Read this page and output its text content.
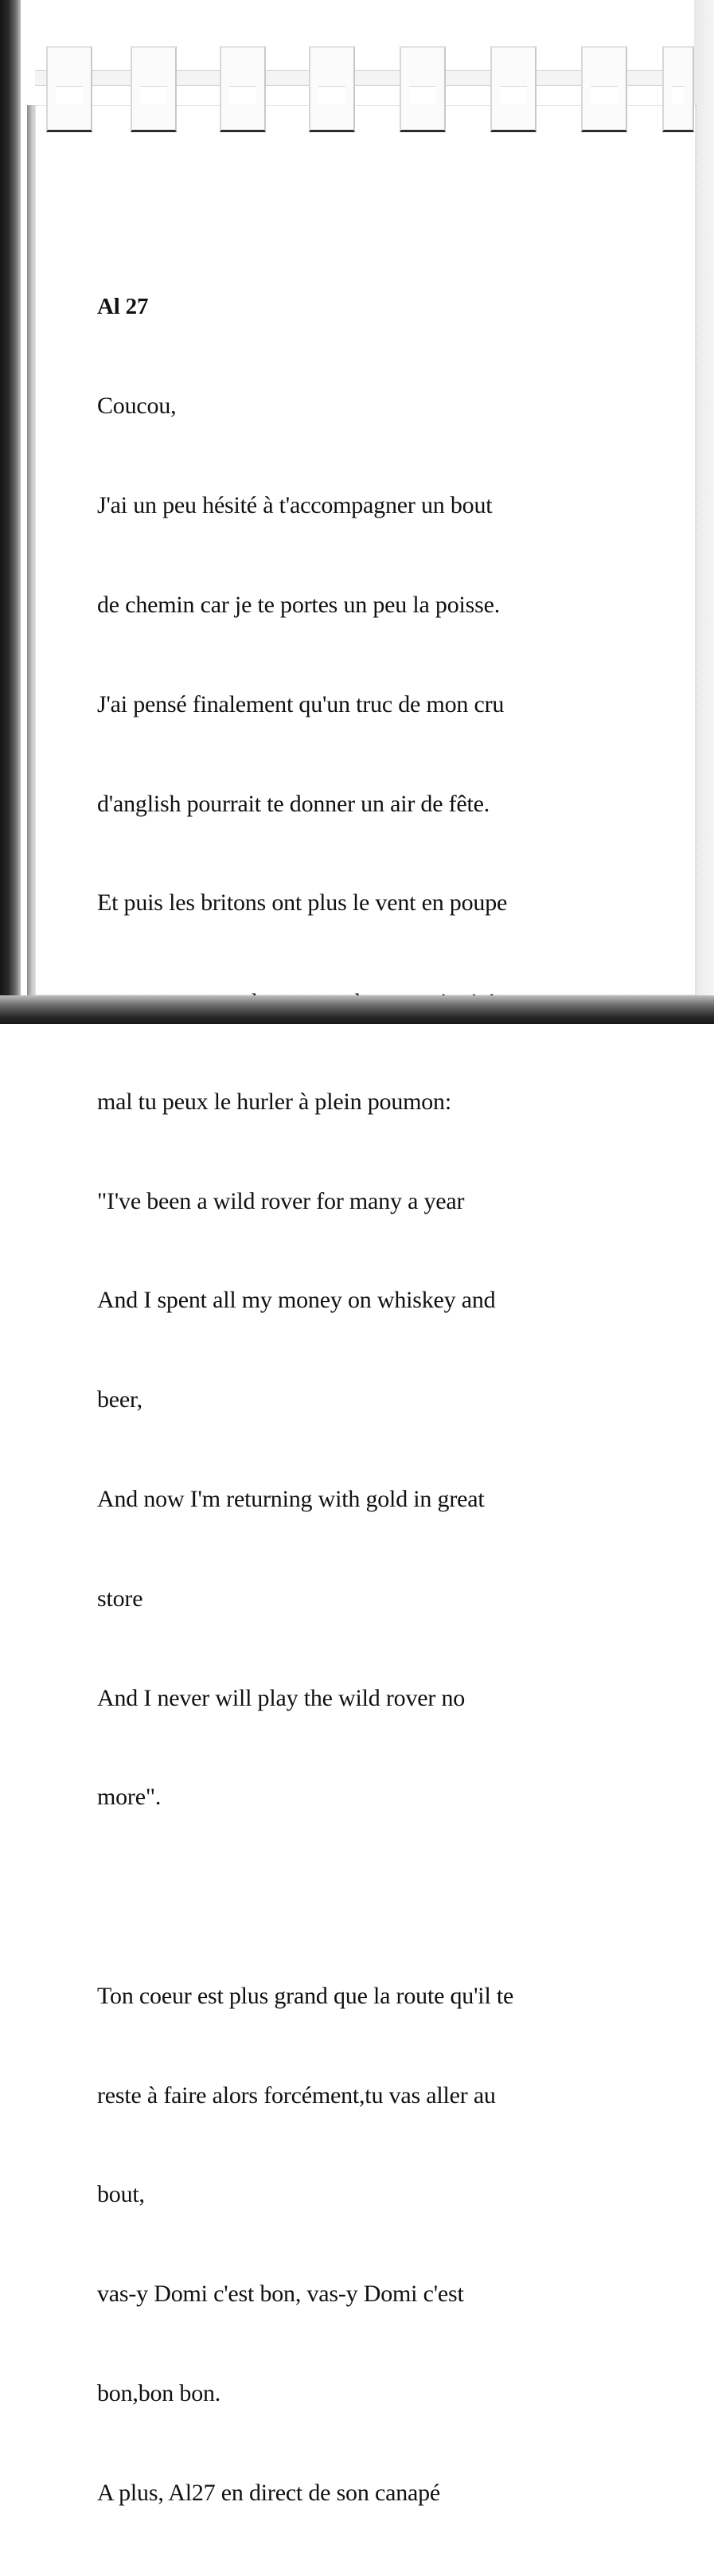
Al 27

Coucou,

J'ai un peu hésité à t'accompagner un bout

de chemin car je te portes un peu la poisse.

J'ai pensé finalement qu'un truc de mon cru

d'anglish pourrait te donner un air de fête.

Et puis les britons ont plus le vent en poupe

mal tu peux le hurler à plein poumon:

"I've been a wild rover for many a year

And I spent all my money on whiskey and

beer,

And now I'm returning with gold in great

store

And I never will play the wild rover no

more".

Ton coeur est plus grand que la route qu'il te

reste à faire alors forcément,tu vas aller au

bout,

vas-y Domi c'est bon, vas-y Domi c'est

bon,bon bon.

A plus, Al27 en direct de son canapé
